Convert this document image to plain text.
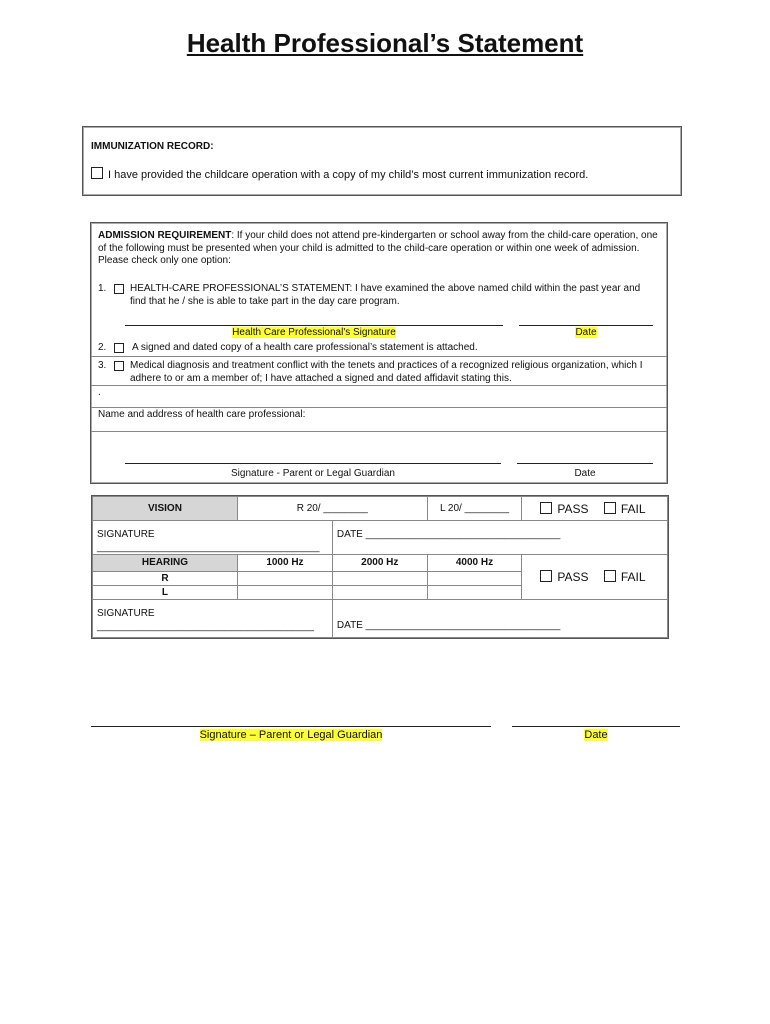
Health Professional’s Statement
IMMUNIZATION RECORD:
I have provided the childcare operation with a copy of my child’s most current immunization record.
ADMISSION REQUIREMENT: If your child does not attend pre-kindergarten or school away from the child-care operation, one of the following must be presented when your child is admitted to the child-care operation or within one week of admission.
Please check only one option:
1. HEALTH-CARE PROFESSIONAL’S STATEMENT: I have examined the above named child within the past year and find that he / she is able to take part in the day care program.
Health Care Professional's Signature	Date
2.	A signed and dated copy of a health care professional’s statement is attached.
3. Medical diagnosis and treatment conflict with the tenets and practices of a recognized religious organization, which I adhere to or am a member of; I have attached a signed and dated affidavit stating this.
.
Name and address of health care professional:
Signature - Parent or Legal Guardian	Date
VISION	R 20/ ________		L 20/ ________	PASS FAIL

SIGNATURE
________________________________________		DATE ___________________________________		
HEARING	1000 Hz	2000 Hz	4000 Hz	PASS FAIL
R				
L				

SIGNATURE
_______________________________________		DATE ___________________________________		
Signature – Parent or Legal Guardian	Date
